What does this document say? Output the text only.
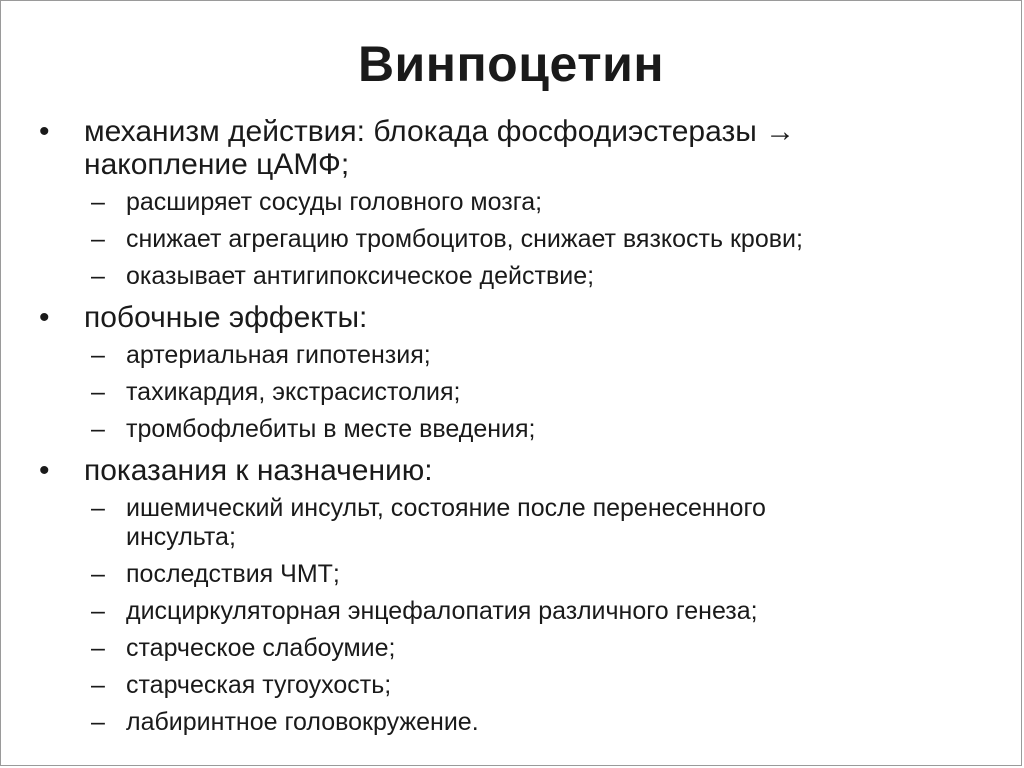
Винпоцетин
• механизм действия: блокада фосфодиэстеразы →
накопление цАМФ;
– расширяет сосуды головного мозга;
– снижает агрегацию тромбоцитов, снижает вязкость крови;
– оказывает антигипоксическое действие;
• побочные эффекты:
– артериальная гипотензия;
– тахикардия, экстрасистолия;
– тромбофлебиты в месте введения;
• показания к назначению:
– ишемический инсульт, состояние после перенесенного
инсульта;
– последствия ЧМТ;
– дисциркуляторная энцефалопатия различного генеза;
– старческое слабоумие;
– старческая тугоухость;
– лабиринтное головокружение.
